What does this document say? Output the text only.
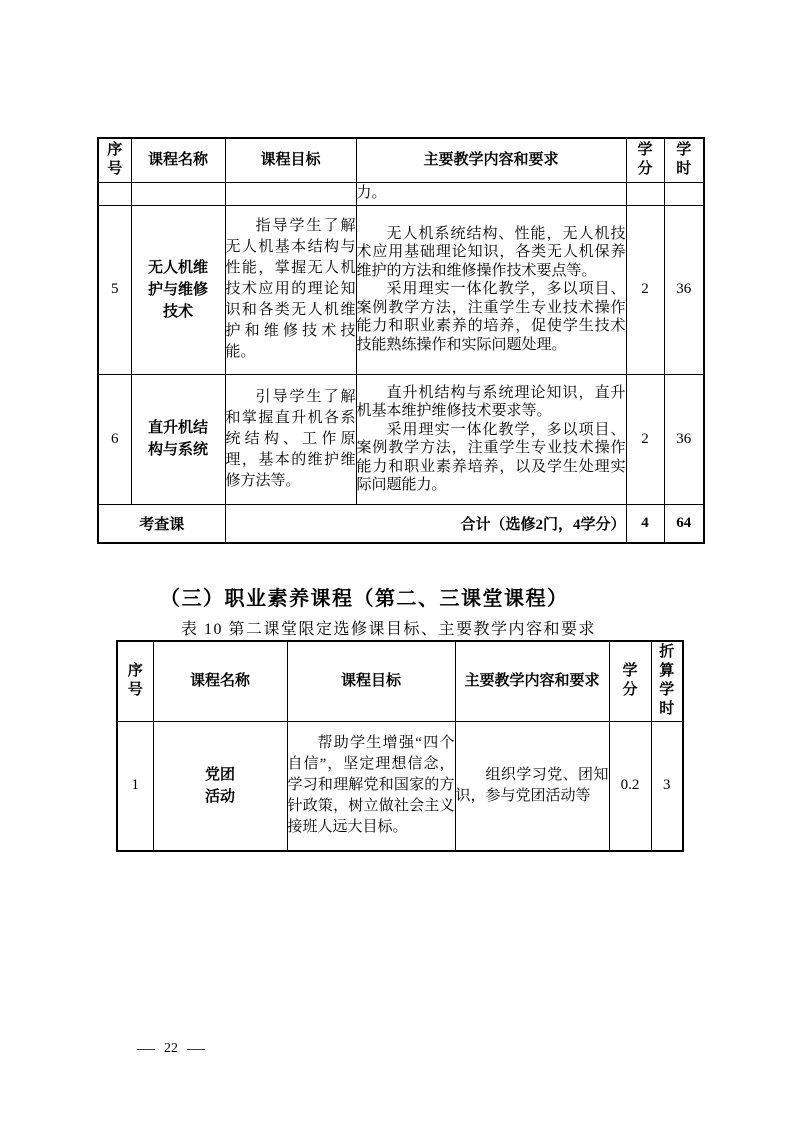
序号	课程名称	课程目标	主要教学内容和要求	学分	学时

			力。		

5	无人机维护与维修技术	指导学生了解无人机基本结构与性能，掌握无人机技术应用的理论知识和各类无人机维护和维修技术技能。	无人机系统结构、性能，无人机技术应用基础理论知识，各类无人机保养维护的方法和维修操作技术要点等。

采用理实一体化教学，多以项目、案例教学方法，注重学生专业技术操作能力和职业素养的培养，促使学生技术技能熟练操作和实际问题处理。	2	36
6	直升机结构与系统	引导学生了解和掌握直升机各系统结构、工作原理，基本的维护维修方法等。	直升机结构与系统理论知识，直升机基本维护维修技术要求等。

采用理实一体化教学，多以项目、案例教学方法，注重学生专业技术操作能力和职业素养培养，以及学生处理实际问题能力。	2	36
考查课		合计（选修2门，4学分）		4	64
（三）职业素养课程（第二、三课堂课程）
表 10 第二课堂限定选修课目标、主要教学内容和要求
序号	课程名称	课程目标	主要教学内容和要求	学分	折算学时

1	党团活动	帮助学生增强“四个自信”，坚定理想信念，学习和理解党和国家的方针政策，树立做社会主义接班人远大目标。	组织学习党、团知识，参与党团活动等	0.2	3
22
